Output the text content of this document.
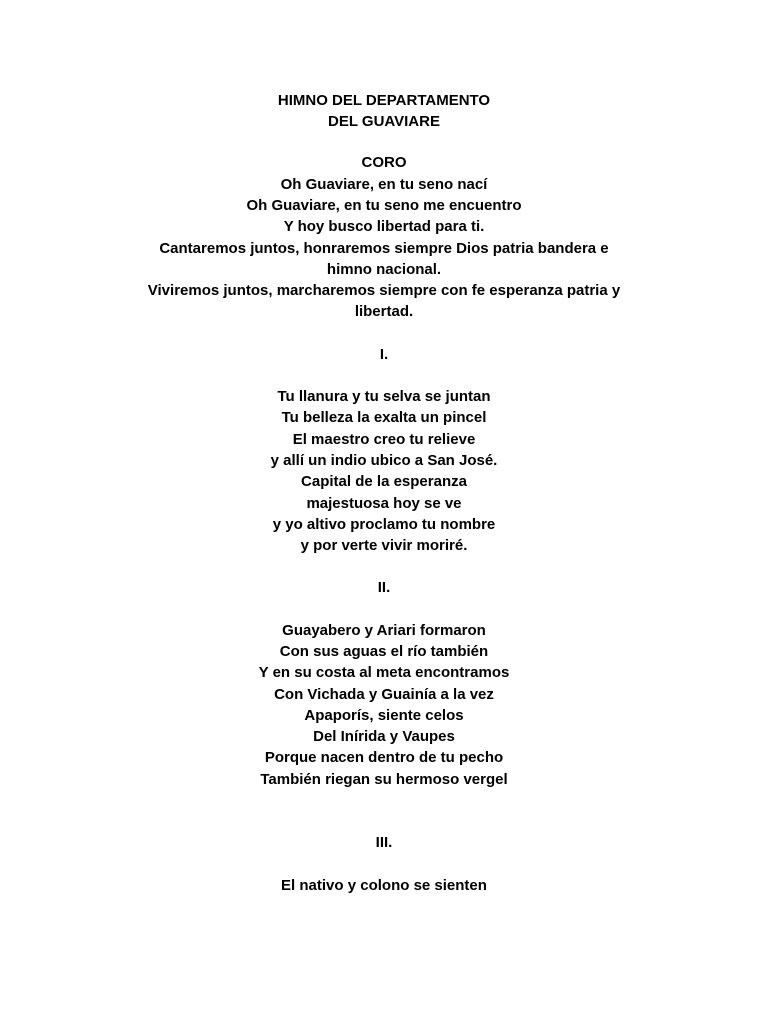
HIMNO DEL DEPARTAMENTO
DEL GUAVIARE
CORO
Oh Guaviare, en tu seno nací
Oh Guaviare, en tu seno me encuentro
Y hoy busco libertad para ti.
Cantaremos juntos, honraremos siempre Dios patria bandera e
himno nacional.
Viviremos juntos, marcharemos siempre con fe esperanza patria y
libertad.
I.
Tu llanura y tu selva se juntan
Tu belleza la exalta un pincel
El maestro creo tu relieve
y allí un indio ubico a San José.
Capital de la esperanza
majestuosa hoy se ve
y yo altivo proclamo tu nombre
y por verte vivir moriré.
II.
Guayabero y Ariari formaron
Con sus aguas el río también
Y en su costa al meta encontramos
Con Vichada y Guainía a la vez
Apaporís, siente celos
Del Inírida y Vaupes
Porque nacen dentro de tu pecho
También riegan su hermoso vergel
III.
El nativo y colono se sienten
